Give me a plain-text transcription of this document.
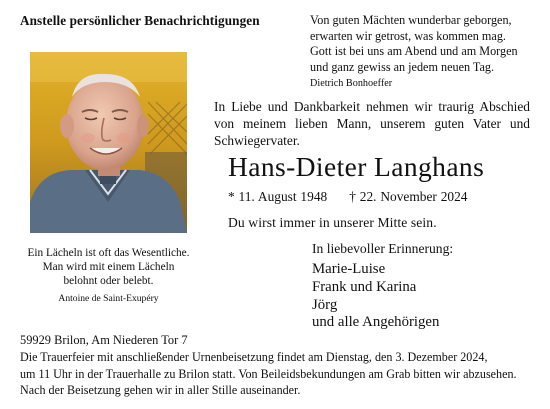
Anstelle persönlicher Benachrichtigungen	Von guten Mächten wunderbar geborgen,
erwarten wir getrost, was kommen mag.
Gott ist bei uns am Abend und am Morgen
und ganz gewiss an jedem neuen Tag.
Dietrich Bonhoeffer
Ein Lächeln ist oft das Wesentliche.
Man wird mit einem Lächeln
belohnt oder belebt.
Antoine de Saint-Exupéry
In Liebe und Dankbarkeit nehmen wir traurig Abschied von meinem lieben Mann, unserem guten Vater und Schwiegervater.
Hans-Dieter Langhans
* 11. August 1948 † 22. November 2024
Du wirst immer in unserer Mitte sein.
In liebevoller Erinnerung:
Marie-Luise
Frank und Karina
Jörg
und alle Angehörigen
59929 Brilon, Am Niederen Tor 7
Die Trauerfeier mit anschließender Urnenbeisetzung findet am Dienstag, den 3. Dezember 2024,
um 11 Uhr in der Trauerhalle zu Brilon statt. Von Beileidsbekundungen am Grab bitten wir abzusehen.
Nach der Beisetzung gehen wir in aller Stille auseinander.
